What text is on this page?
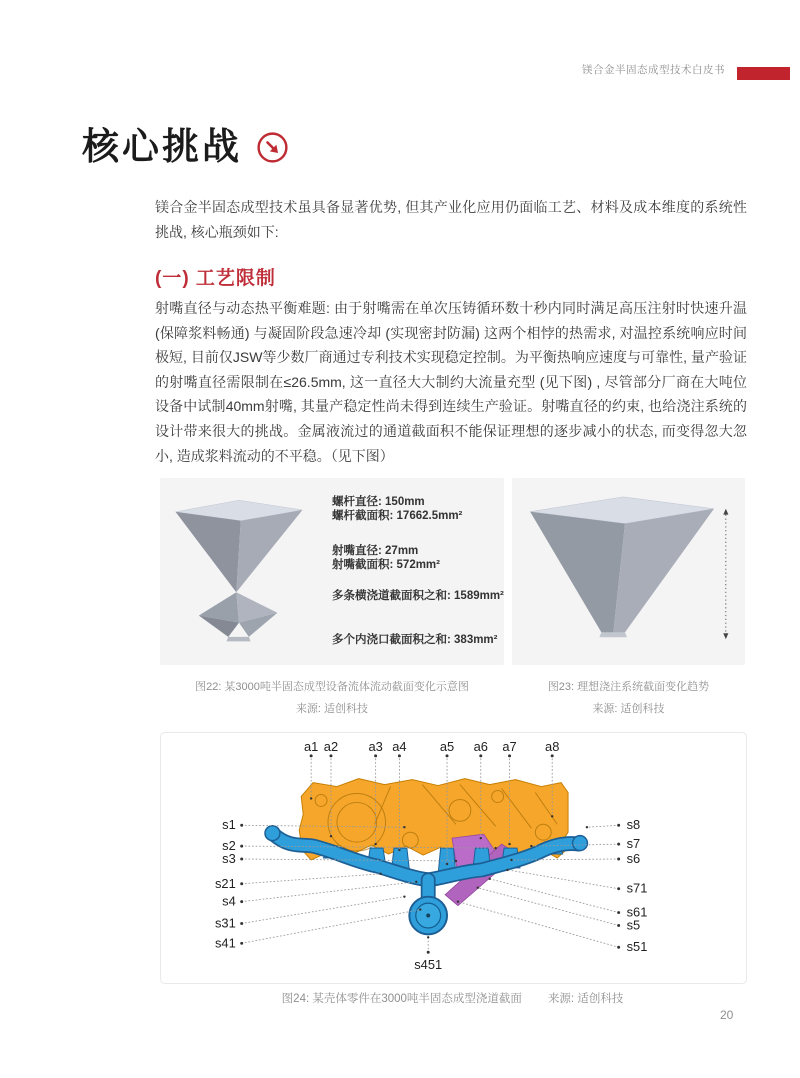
镁合金半固态成型技术白皮书
核心挑战
镁合金半固态成型技术虽具备显著优势, 但其产业化应用仍面临工艺、材料及成本维度的系统性挑战, 核心瓶颈如下:
(一) 工艺限制
射嘴直径与动态热平衡难题: 由于射嘴需在单次压铸循环数十秒内同时满足高压注射时快速升温 (保障浆料畅通) 与凝固阶段急速冷却 (实现密封防漏) 这两个相悖的热需求, 对温控系统响应时间极短, 目前仅JSW等少数厂商通过专利技术实现稳定控制。为平衡热响应速度与可靠性, 量产验证的射嘴直径需限制在≤26.5mm, 这一直径大大制约大流量充型 (见下图) , 尽管部分厂商在大吨位设备中试制40mm射嘴, 其量产稳定性尚未得到连续生产验证。射嘴直径的约束, 也给浇注系统的设计带来很大的挑战。金属液流过的通道截面积不能保证理想的逐步减小的状态, 而变得忽大忽小, 造成浆料流动的不平稳。（见下图）
螺杆直径: 150mm
螺杆截面积: 17662.5mm²
射嘴直径: 27mm
射嘴截面积: 572mm²
多条横浇道截面积之和: 1589mm²
多个内浇口截面积之和: 383mm²
图22: 某3000吨半固态成型设备流体流动截面变化示意图
来源: 适创科技
图23: 理想浇注系统截面变化趋势
来源: 适创科技
a1 a2 a3 a4	a5 a6 a7 a8
s1
s2
s3
s21
s4
s31
s41
s8
s7
s6
s71
s61
s5
s51
s451
图24: 某壳体零件在3000吨半固态成型浇道截面 来源: 适创科技
20
